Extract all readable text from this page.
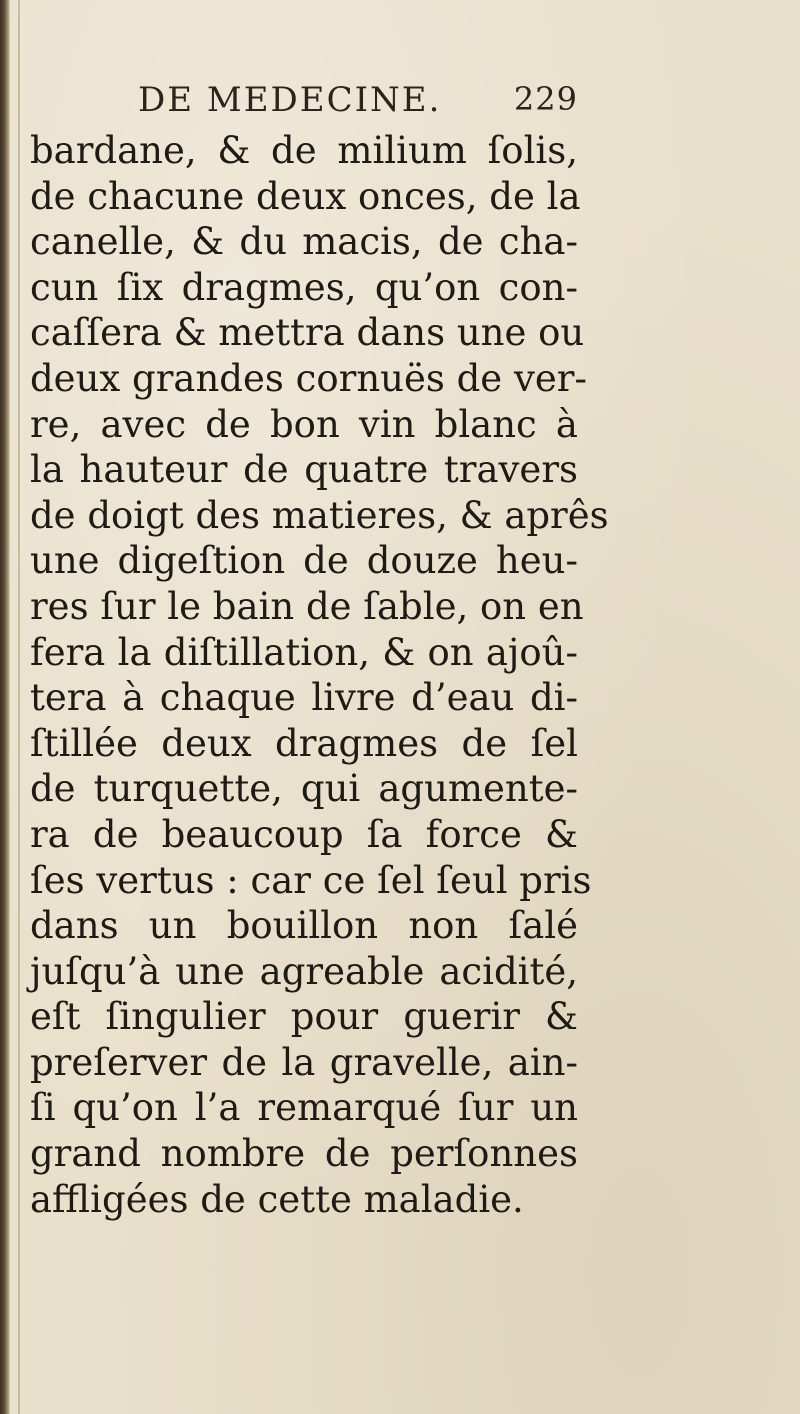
DE MEDECINE. 229
bardane, & de milium ſolis,
de chacune deux onces, de la
canelle, & du macis, de cha-
cun ſix dragmes, qu’on con-
caſſera & mettra dans une ou
deux grandes cornuës de ver-
re, avec de bon vin blanc à
la hauteur de quatre travers
de doigt des matieres, & aprês
une digeſtion de douze heu-
res ſur le bain de ſable, on en
fera la diſtillation, & on ajoû-
tera à chaque livre d’eau di-
ſtillée deux dragmes de ſel
de turquette, qui agumente-
ra de beaucoup ſa force &
ſes vertus : car ce ſel ſeul pris
dans un bouillon non ſalé
juſqu’à une agreable acidité,
eſt ſingulier pour guerir &
preſerver de la gravelle, ain-
ſi qu’on l’a remarqué ſur un
grand nombre de perſonnes
affligées de cette maladie.
